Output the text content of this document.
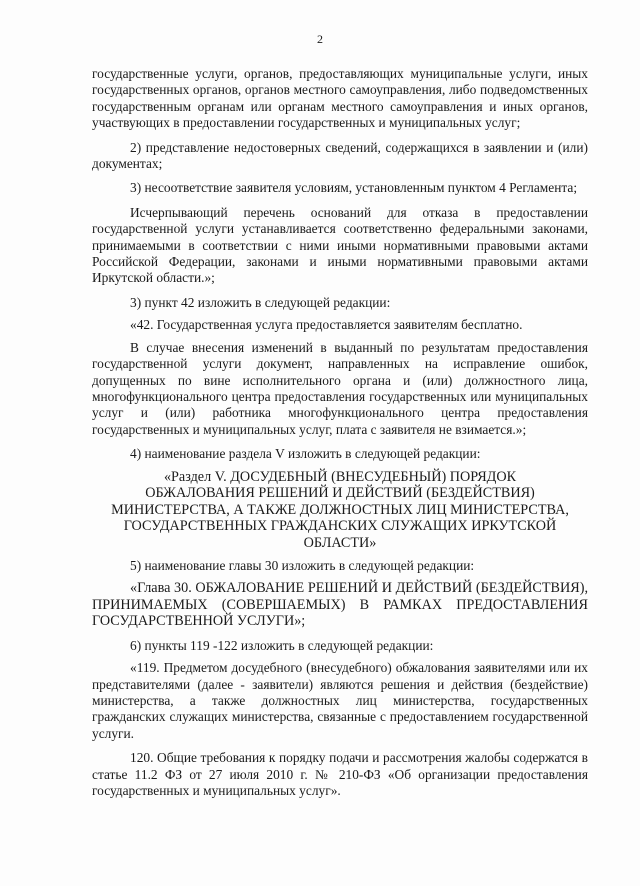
2

государственные услуги, органов, предоставляющих муниципальные услуги, иных государственных органов, органов местного самоуправления, либо подведомственных государственным органам или органам местного самоуправления и иных органов, участвующих в предоставлении государственных и муниципальных услуг;

2) представление недостоверных сведений, содержащихся в заявлении и (или) документах;

3) несоответствие заявителя условиям, установленным пунктом 4 Регламента;

Исчерпывающий перечень оснований для отказа в предоставлении государственной услуги устанавливается соответственно федеральными законами, принимаемыми в соответствии с ними иными нормативными правовыми актами Российской Федерации, законами и иными нормативными правовыми актами Иркутской области.»;

3) пункт 42 изложить в следующей редакции:

«42. Государственная услуга предоставляется заявителям бесплатно.

В случае внесения изменений в выданный по результатам предоставления государственной услуги документ, направленных на исправление ошибок, допущенных по вине исполнительного органа и (или) должностного лица, многофункционального центра предоставления государственных или муниципальных услуг и (или) работника многофункционального центра предоставления государственных и муниципальных услуг, плата с заявителя не взимается.»;

4) наименование раздела V изложить в следующей редакции:

«Раздел V. ДОСУДЕБНЫЙ (ВНЕСУДЕБНЫЙ) ПОРЯДОК

ОБЖАЛОВАНИЯ РЕШЕНИЙ И ДЕЙСТВИЙ (БЕЗДЕЙСТВИЯ)

МИНИСТЕРСТВА, А ТАКЖЕ ДОЛЖНОСТНЫХ ЛИЦ МИНИСТЕРСТВА,

ГОСУДАРСТВЕННЫХ ГРАЖДАНСКИХ СЛУЖАЩИХ ИРКУТСКОЙ

ОБЛАСТИ»

5) наименование главы 30 изложить в следующей редакции:

«Глава 30. ОБЖАЛОВАНИЕ РЕШЕНИЙ И ДЕЙСТВИЙ (БЕЗДЕЙСТВИЯ), ПРИНИМАЕМЫХ (СОВЕРШАЕМЫХ) В РАМКАХ ПРЕДОСТАВЛЕНИЯ ГОСУДАРСТВЕННОЙ УСЛУГИ»;

6) пункты 119 -122 изложить в следующей редакции:

«119. Предметом досудебного (внесудебного) обжалования заявителями или их представителями (далее - заявители) являются решения и действия (бездействие) министерства, а также должностных лиц министерства, государственных гражданских служащих министерства, связанные с предоставлением государственной услуги.

120. Общие требования к порядку подачи и рассмотрения жалобы содержатся в статье 11.2 ФЗ от 27 июля 2010 г. № 210-ФЗ «Об организации предоставления государственных и муниципальных услуг».
